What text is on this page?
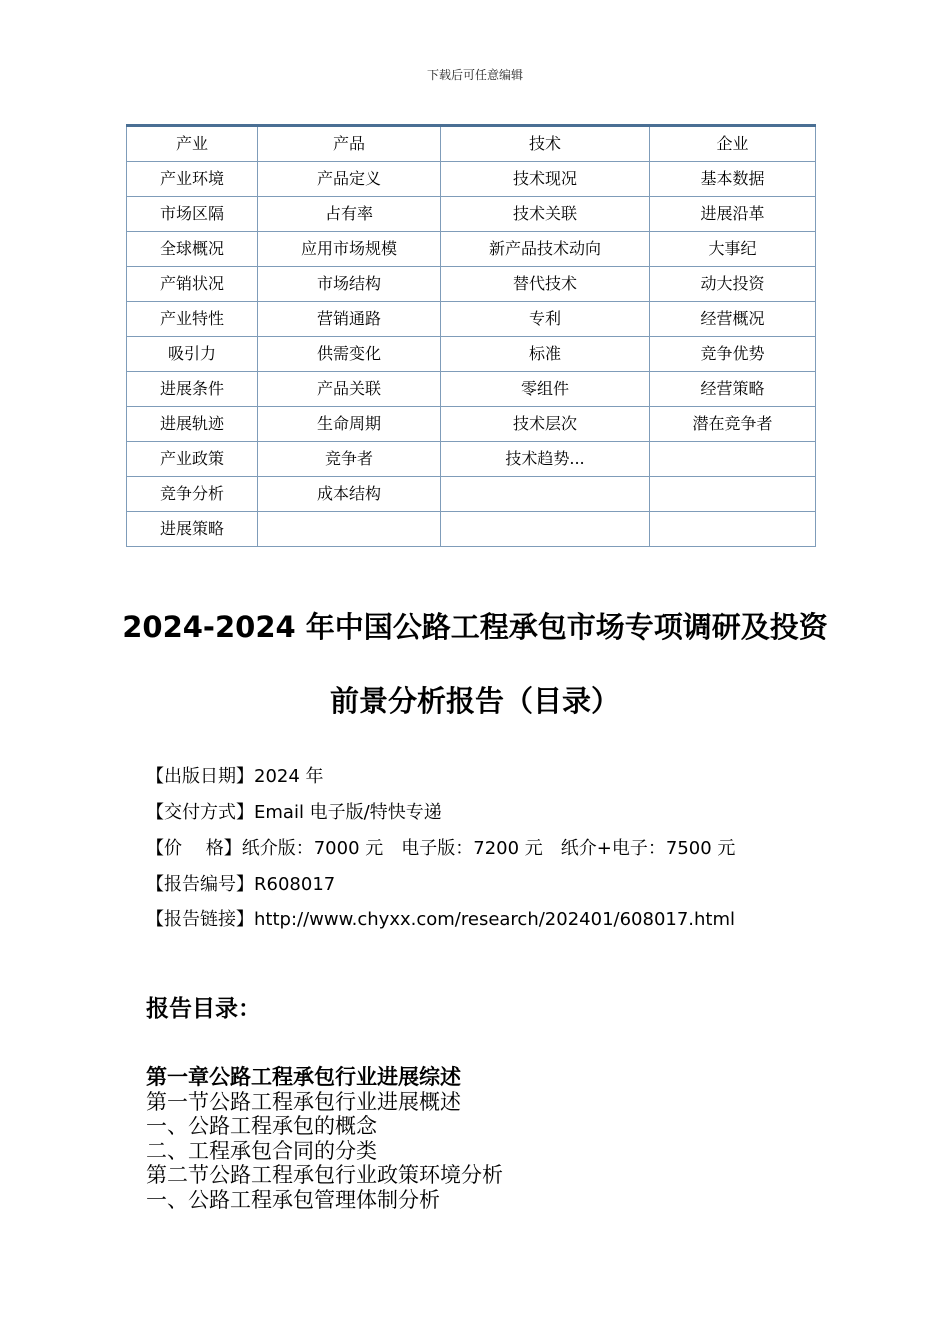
下载后可任意编辑
产业	产品	技术	企业
产业环境	产品定义	技术现况	基本数据
市场区隔	占有率	技术关联	进展沿革
全球概况	应用市场规模	新产品技术动向	大事纪
产销状况	市场结构	替代技术	动大投资
产业特性	营销通路	专利	经营概况
吸引力	供需变化	标准	竞争优势
进展条件	产品关联	零组件	经营策略
进展轨迹	生命周期	技术层次	潜在竞争者
产业政策	竞争者	技术趋势...	
竞争分析	成本结构		
进展策略			
2024-2024 年中国公路工程承包市场专项调研及投资
前景分析报告（目录）
【出版日期】2024 年
【交付方式】Email 电子版/特快专递
【价　 格】纸介版：7000 元　电子版：7200 元　纸介+电子：7500 元
【报告编号】R608017
【报告链接】http://www.chyxx.com/research/202401/608017.html
报告目录：
第一章公路工程承包行业进展综述
第一节公路工程承包行业进展概述
一、公路工程承包的概念
二、工程承包合同的分类
第二节公路工程承包行业政策环境分析
一、公路工程承包管理体制分析
